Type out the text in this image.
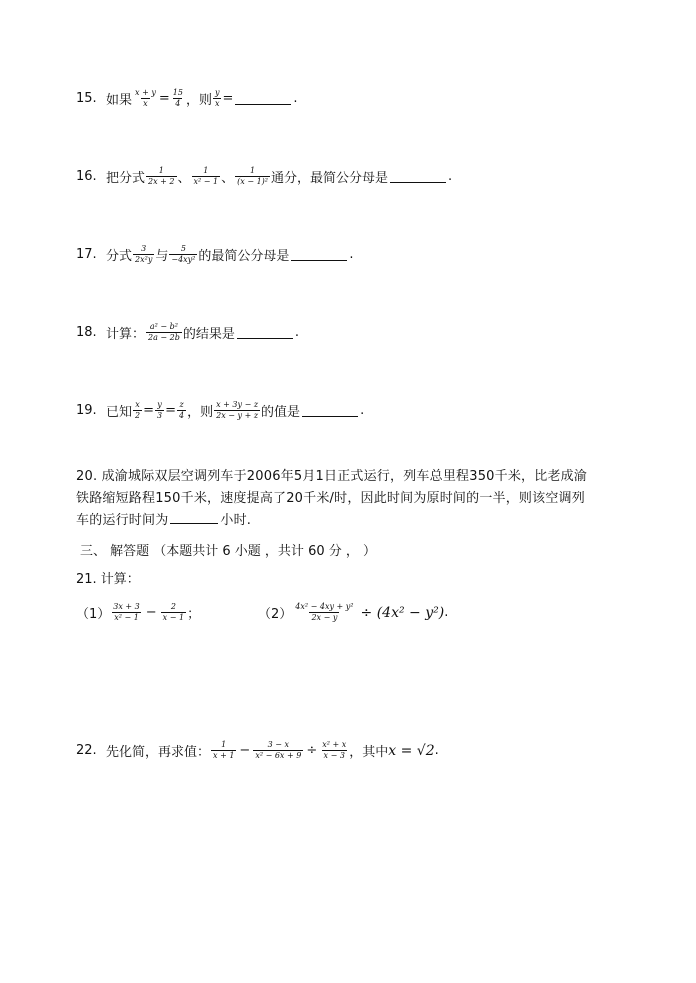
15. 如果 $\frac{x + y}{x} = \frac{15}{4}$ ，则 $\frac{y}{x}$ =	.
16. 把分式 $\frac{1}{2x + 2}$ 、 $\frac{1}{\text{x² − 1}}$ 、 $\frac{1}{\text{(x − 1)²}}$ 通分，最简公分母是	.
17. 分式 $\frac{3}{\text{2x²y}}$ 与 $\frac{5}{\text{−4xy²}}$ 的最简公分母是	.
18. 计算： $\frac{\text{a² − b²}}{2a - 2b}$ 的结果是	.
19. 已知 $\frac{x}{2} = \frac{y}{3} = \frac{z}{4}$ ，则 $\frac{x + 3y - z}{2x - y + z}$ 的值是	.
20. 成渝城际双层空调列车于2006年5月1日正式运行，列车总里程350千米，比老成渝
铁路缩短路程150千米，速度提高了20千米/时，因此时间为原时间的一半，则该空调列
车的运行时间为	小时.
三、 解答题 （本题共计 6 小题 ，共计 60 分 ， ）
21. 计算：
$(1) \frac{3x + 3}{\text{x² − 1}} - \frac{2}{x - 1}$ ；	$(2) \frac{\text{4x² − 4xy + y²}}{2x - y} \div (4x^2 - y^2)$ .
22. 先化简，再求值： $\frac{1}{x + 1} - \frac{3 - x}{\text{x² − 6x + 9}} \div \frac{\text{x² + x}}{x - 3}$ ，其中 x = √2 .
